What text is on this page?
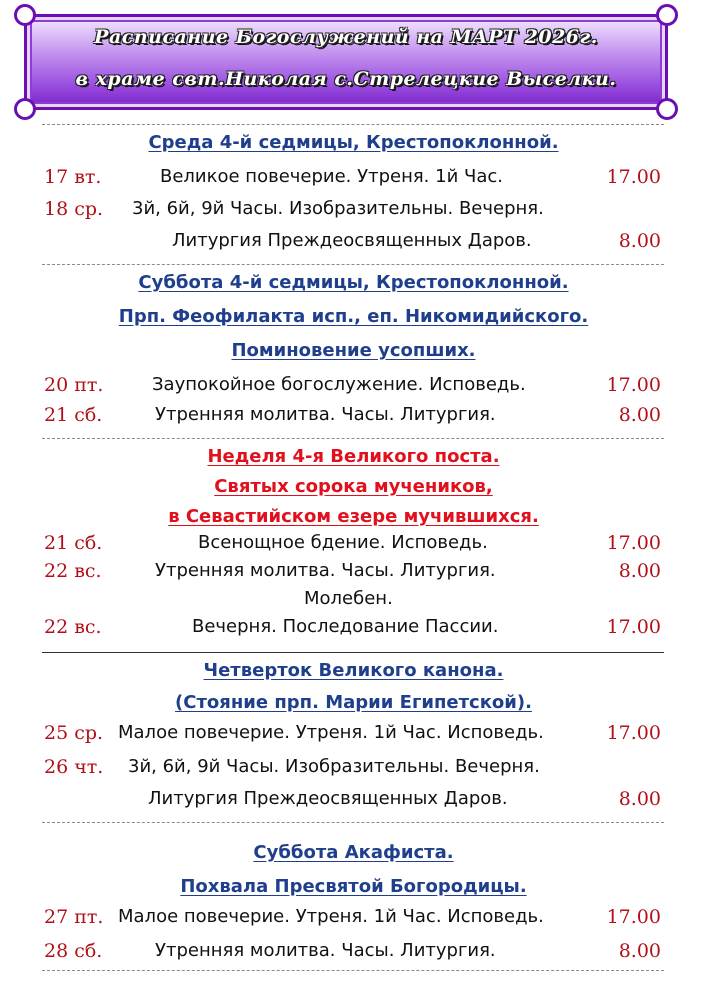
Расписание Богослужений на МАРТ 2026г.
в храме свт.Николая с.Стрелецкие Выселки.
Среда 4-й седмицы, Крестопоклонной.
17 вт.	Великое повечерие. Утреня. 1й Час.	17.00
18 ср. 3й, 6й, 9й Часы. Изобразительны. Вечерня.
Литургия Преждеосвященных Даров.	8.00
Суббота 4-й седмицы, Крестопоклонной.
Прп. Феофилакта исп., еп. Никомидийского.
Поминовение усопших.
20 пт.	Заупокойное богослужение. Исповедь.	17.00
21 сб.	Утренняя молитва. Часы. Литургия.	8.00
Неделя 4-я Великого поста.
Святых сорока мучеников,
в Севастийском езере мучившихся.
21 сб.	Всенощное бдение. Исповедь.	17.00
22 вс.	Утренняя молитва. Часы. Литургия.	8.00
Молебен.
22 вс.	Вечерня. Последование Пассии.	17.00
Четверток Великого канона.
(Стояние прп. Марии Египетской).
25 ср. Малое повечерие. Утреня. 1й Час. Исповедь.	17.00
26 чт. 3й, 6й, 9й Часы. Изобразительны. Вечерня.
Литургия Преждеосвященных Даров.	8.00
Суббота Акафиста.
Похвала Пресвятой Богородицы.
27 пт. Малое повечерие. Утреня. 1й Час. Исповедь.	17.00
28 сб.	Утренняя молитва. Часы. Литургия.	8.00
